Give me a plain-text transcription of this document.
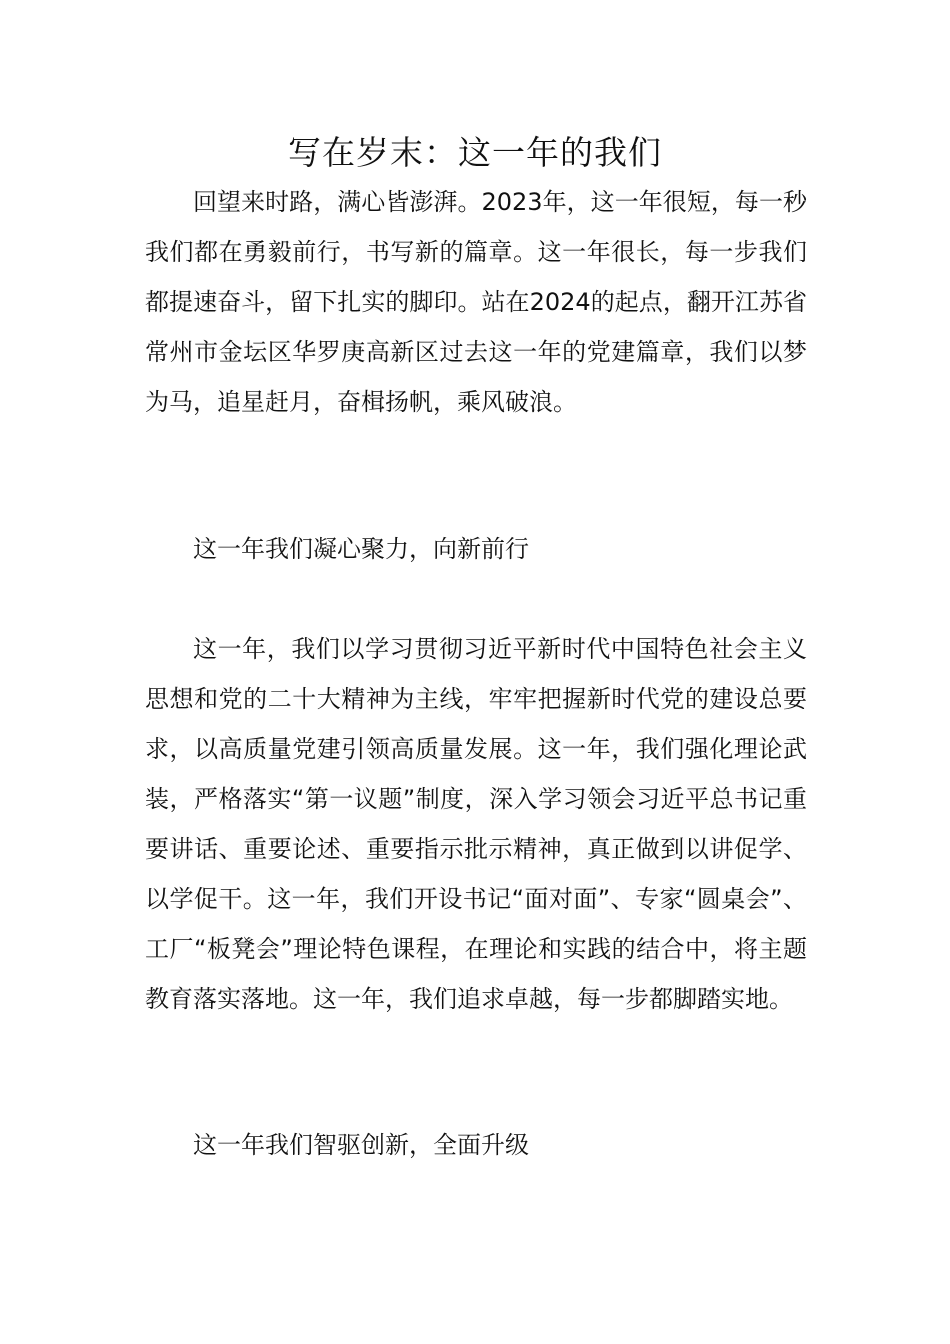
写在岁末：这一年的我们

回望来时路，满心皆澎湃。2023年，这一年很短，每一秒我们都在勇毅前行，书写新的篇章。这一年很长，每一步我们都提速奋斗，留下扎实的脚印。站在2024的起点，翻开江苏省常州市金坛区华罗庚高新区过去这一年的党建篇章，我们以梦为马，追星赶月，奋楫扬帆，乘风破浪。

这一年我们凝心聚力，向新前行

这一年，我们以学习贯彻习近平新时代中国特色社会主义思想和党的二十大精神为主线，牢牢把握新时代党的建设总要求，以高质量党建引领高质量发展。这一年，我们强化理论武装，严格落实“第一议题”制度，深入学习领会习近平总书记重要讲话、重要论述、重要指示批示精神，真正做到以讲促学、以学促干。这一年，我们开设书记“面对面”、专家“圆桌会”、工厂“板凳会”理论特色课程，在理论和实践的结合中，将主题教育落实落地。这一年，我们追求卓越，每一步都脚踏实地。

这一年我们智驱创新，全面升级
